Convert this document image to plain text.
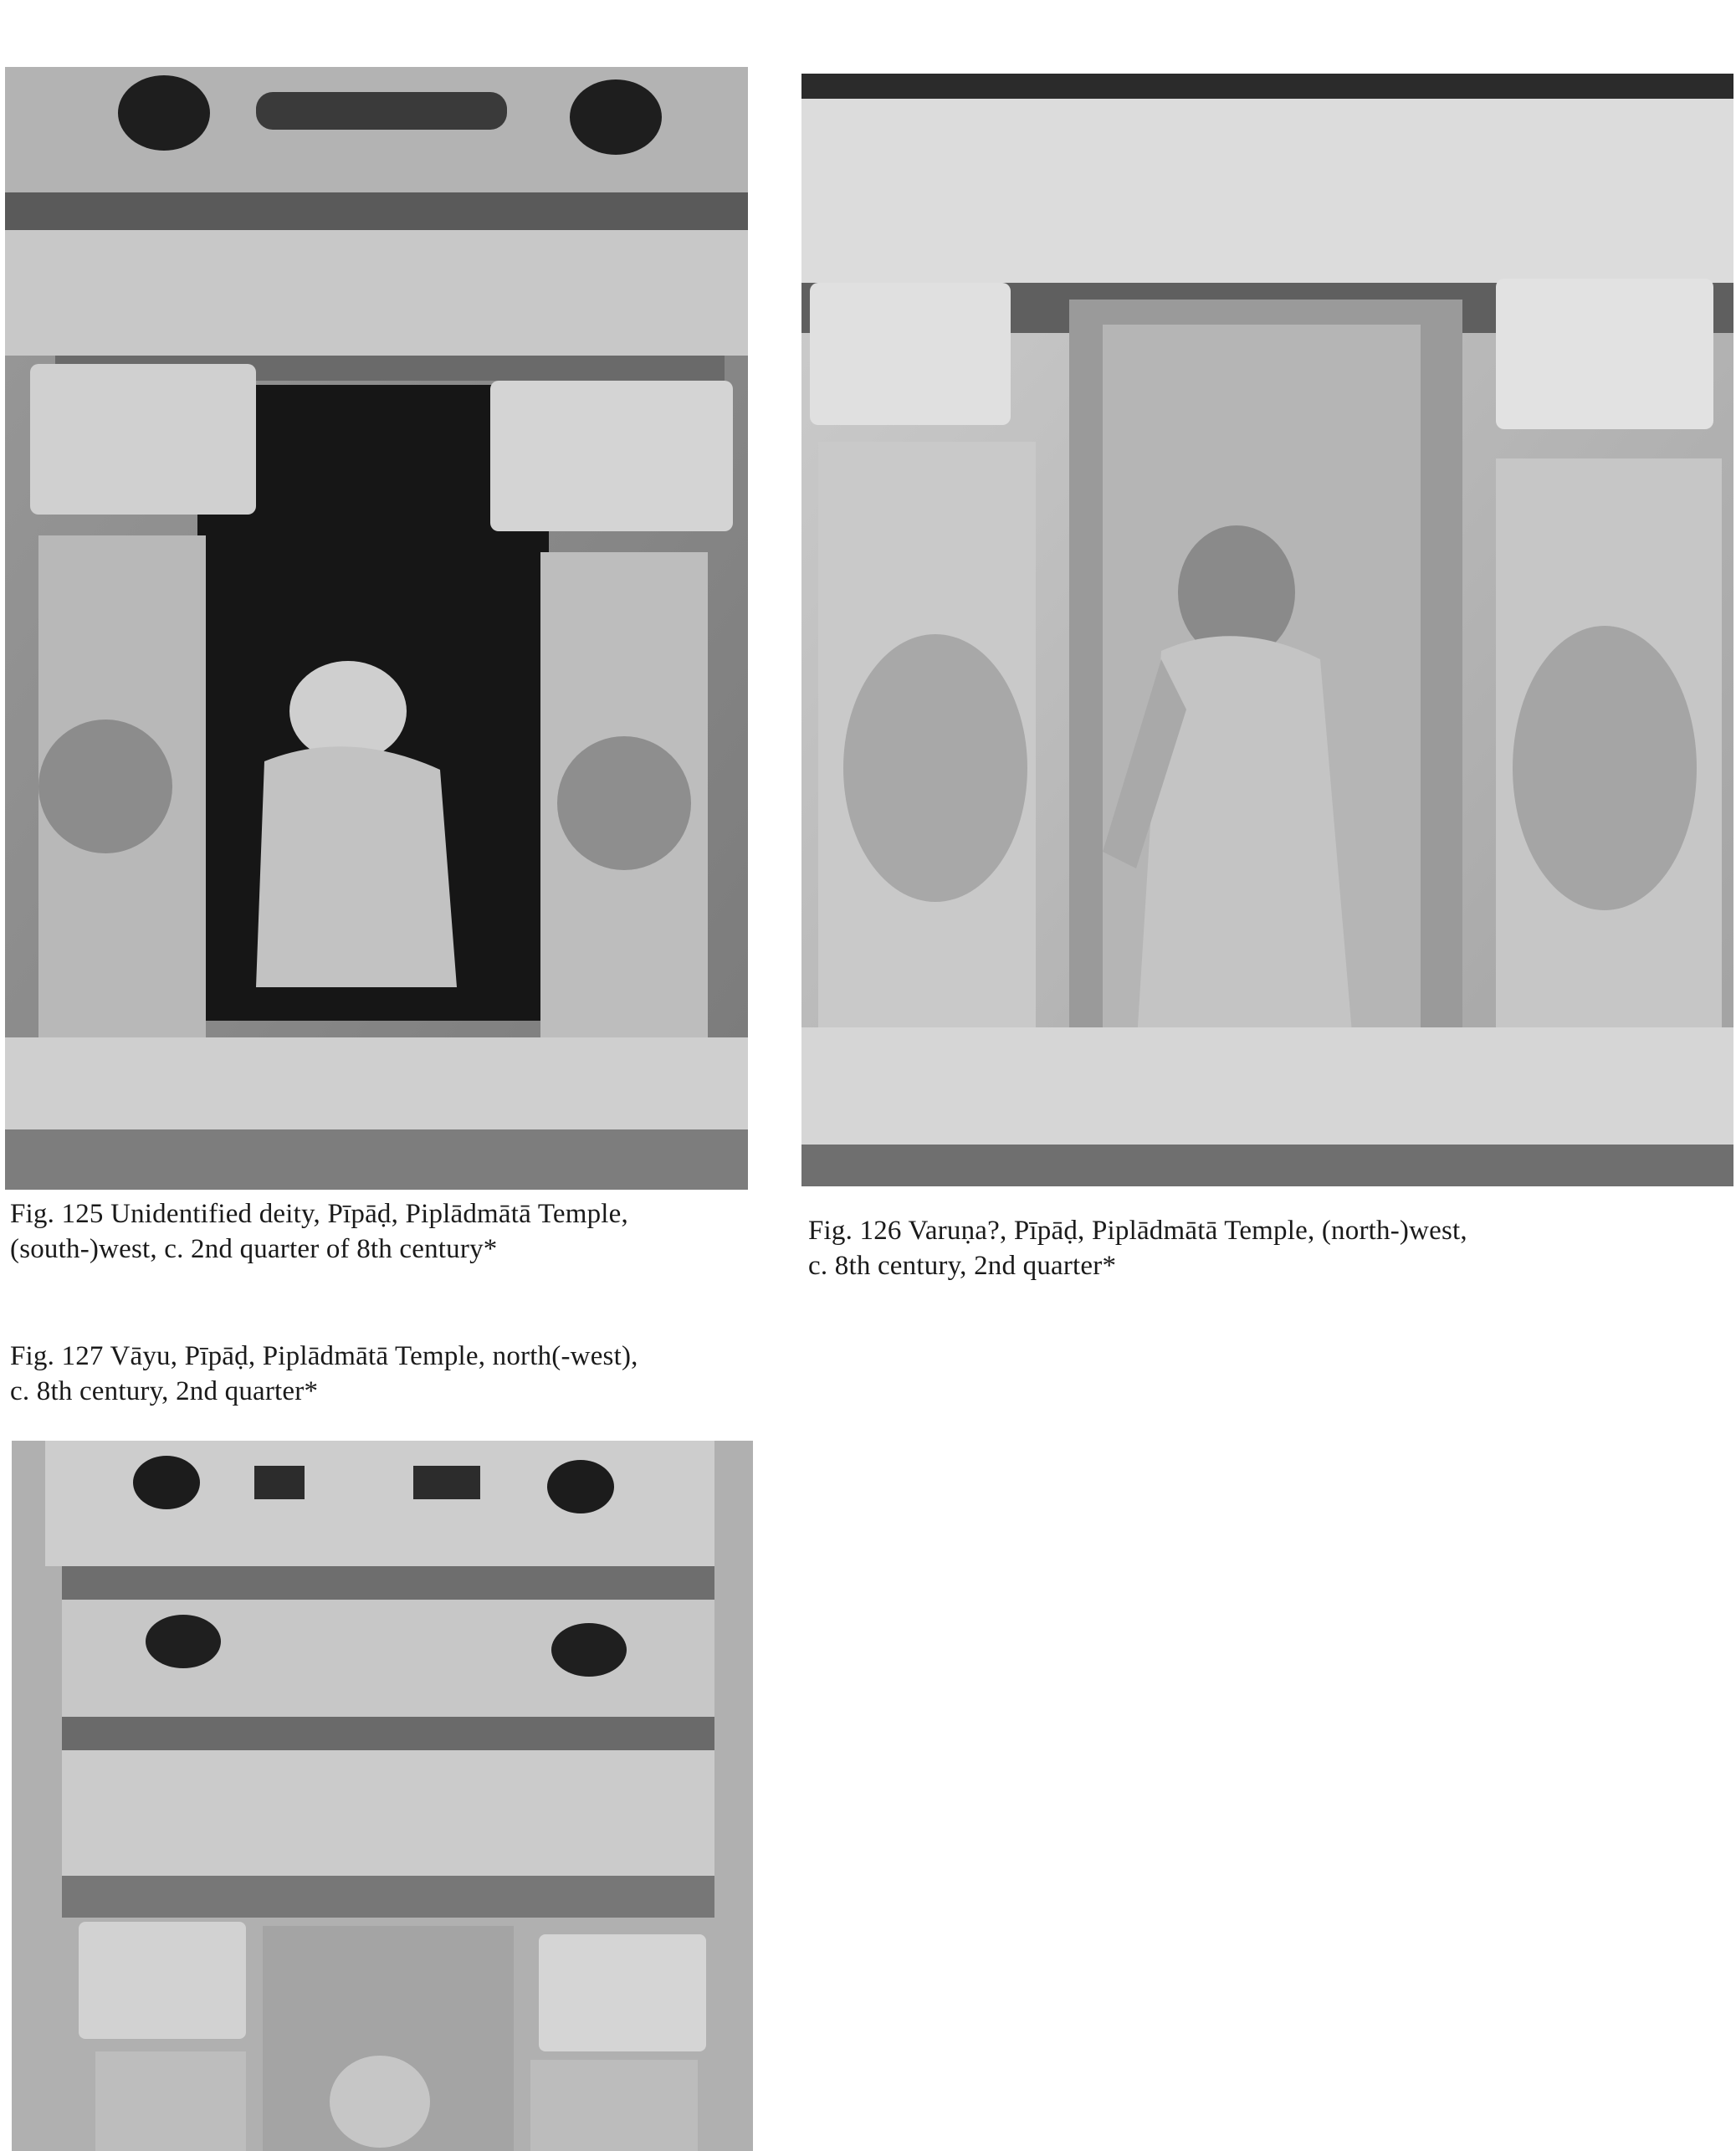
Fig. 125 Unidentified deity, Pīpāḍ, Piplādmātā Temple,
(south-)west, c. 2nd quarter of 8th century*
Fig. 126 Varuṇa?, Pīpāḍ, Piplādmātā Temple, (north-)west,
c. 8th century, 2nd quarter*
Fig. 127 Vāyu, Pīpāḍ, Piplādmātā Temple, north(-west),
c. 8th century, 2nd quarter*
